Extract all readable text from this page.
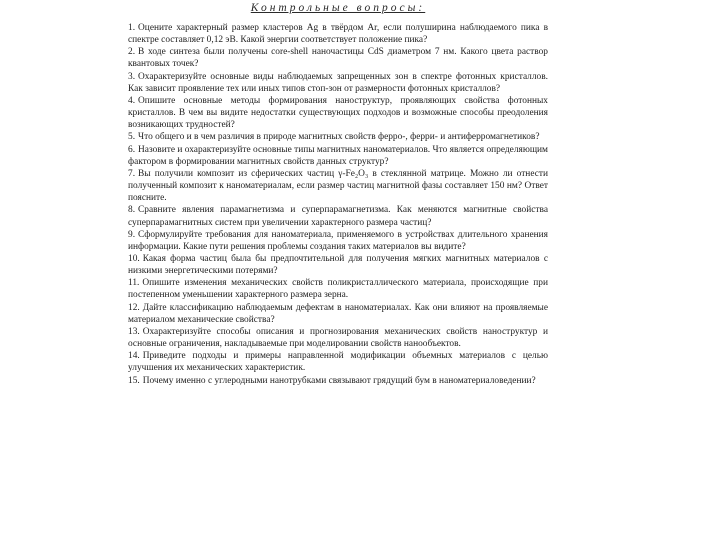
Контрольные вопросы:

1. Оцените характерный размер кластеров Ag в твёрдом Ar, если полуширина наблюдаемого пика в спектре составляет 0,12 эВ. Какой энергии соответствует положение пика?

2. В ходе синтеза были получены core-shell наночастицы CdS диаметром 7 нм. Какого цвета раствор квантовых точек?

3. Охарактеризуйте основные виды наблюдаемых запрещенных зон в спектре фотонных кристаллов. Как зависит проявление тех или иных типов стоп-зон от размерности фотонных кристаллов?

4. Опишите основные методы формирования наноструктур, проявляющих свойства фотонных кристаллов. В чем вы видите недостатки существующих подходов и возможные способы преодоления возникающих трудностей?

5. Что общего и в чем различия в природе магнитных свойств ферро-, ферри- и антиферромагнетиков?

6. Назовите и охарактеризуйте основные типы магнитных наноматериалов. Что является определяющим фактором в формировании магнитных свойств данных структур?

7. Вы получили композит из сферических частиц γ-Fe₂O₃ в стеклянной матрице. Можно ли отнести полученный композит к наноматериалам, если размер частиц магнитной фазы составляет 150 нм? Ответ поясните.

8. Сравните явления парамагнетизма и суперпарамагнетизма. Как меняются магнитные свойства суперпарамагнитных систем при увеличении характерного размера частиц?

9. Сформулируйте требования для наноматериала, применяемого в устройствах длительного хранения информации. Какие пути решения проблемы создания таких материалов вы видите?

10. Какая форма частиц была бы предпочтительной для получения мягких магнитных материалов с низкими энергетическими потерями?

11. Опишите изменения механических свойств поликристаллического материала, происходящие при постепенном уменьшении характерного размера зерна.

12. Дайте классификацию наблюдаемым дефектам в наноматериалах. Как они влияют на проявляемые материалом механические свойства?

13. Охарактеризуйте способы описания и прогнозирования механических свойств наноструктур и основные ограничения, накладываемые при моделировании свойств нанообъектов.

14. Приведите подходы и примеры направленной модификации объемных материалов с целью улучшения их механических характеристик.

15. Почему именно с углеродными нанотрубками связывают грядущий бум в наноматериаловедении?
